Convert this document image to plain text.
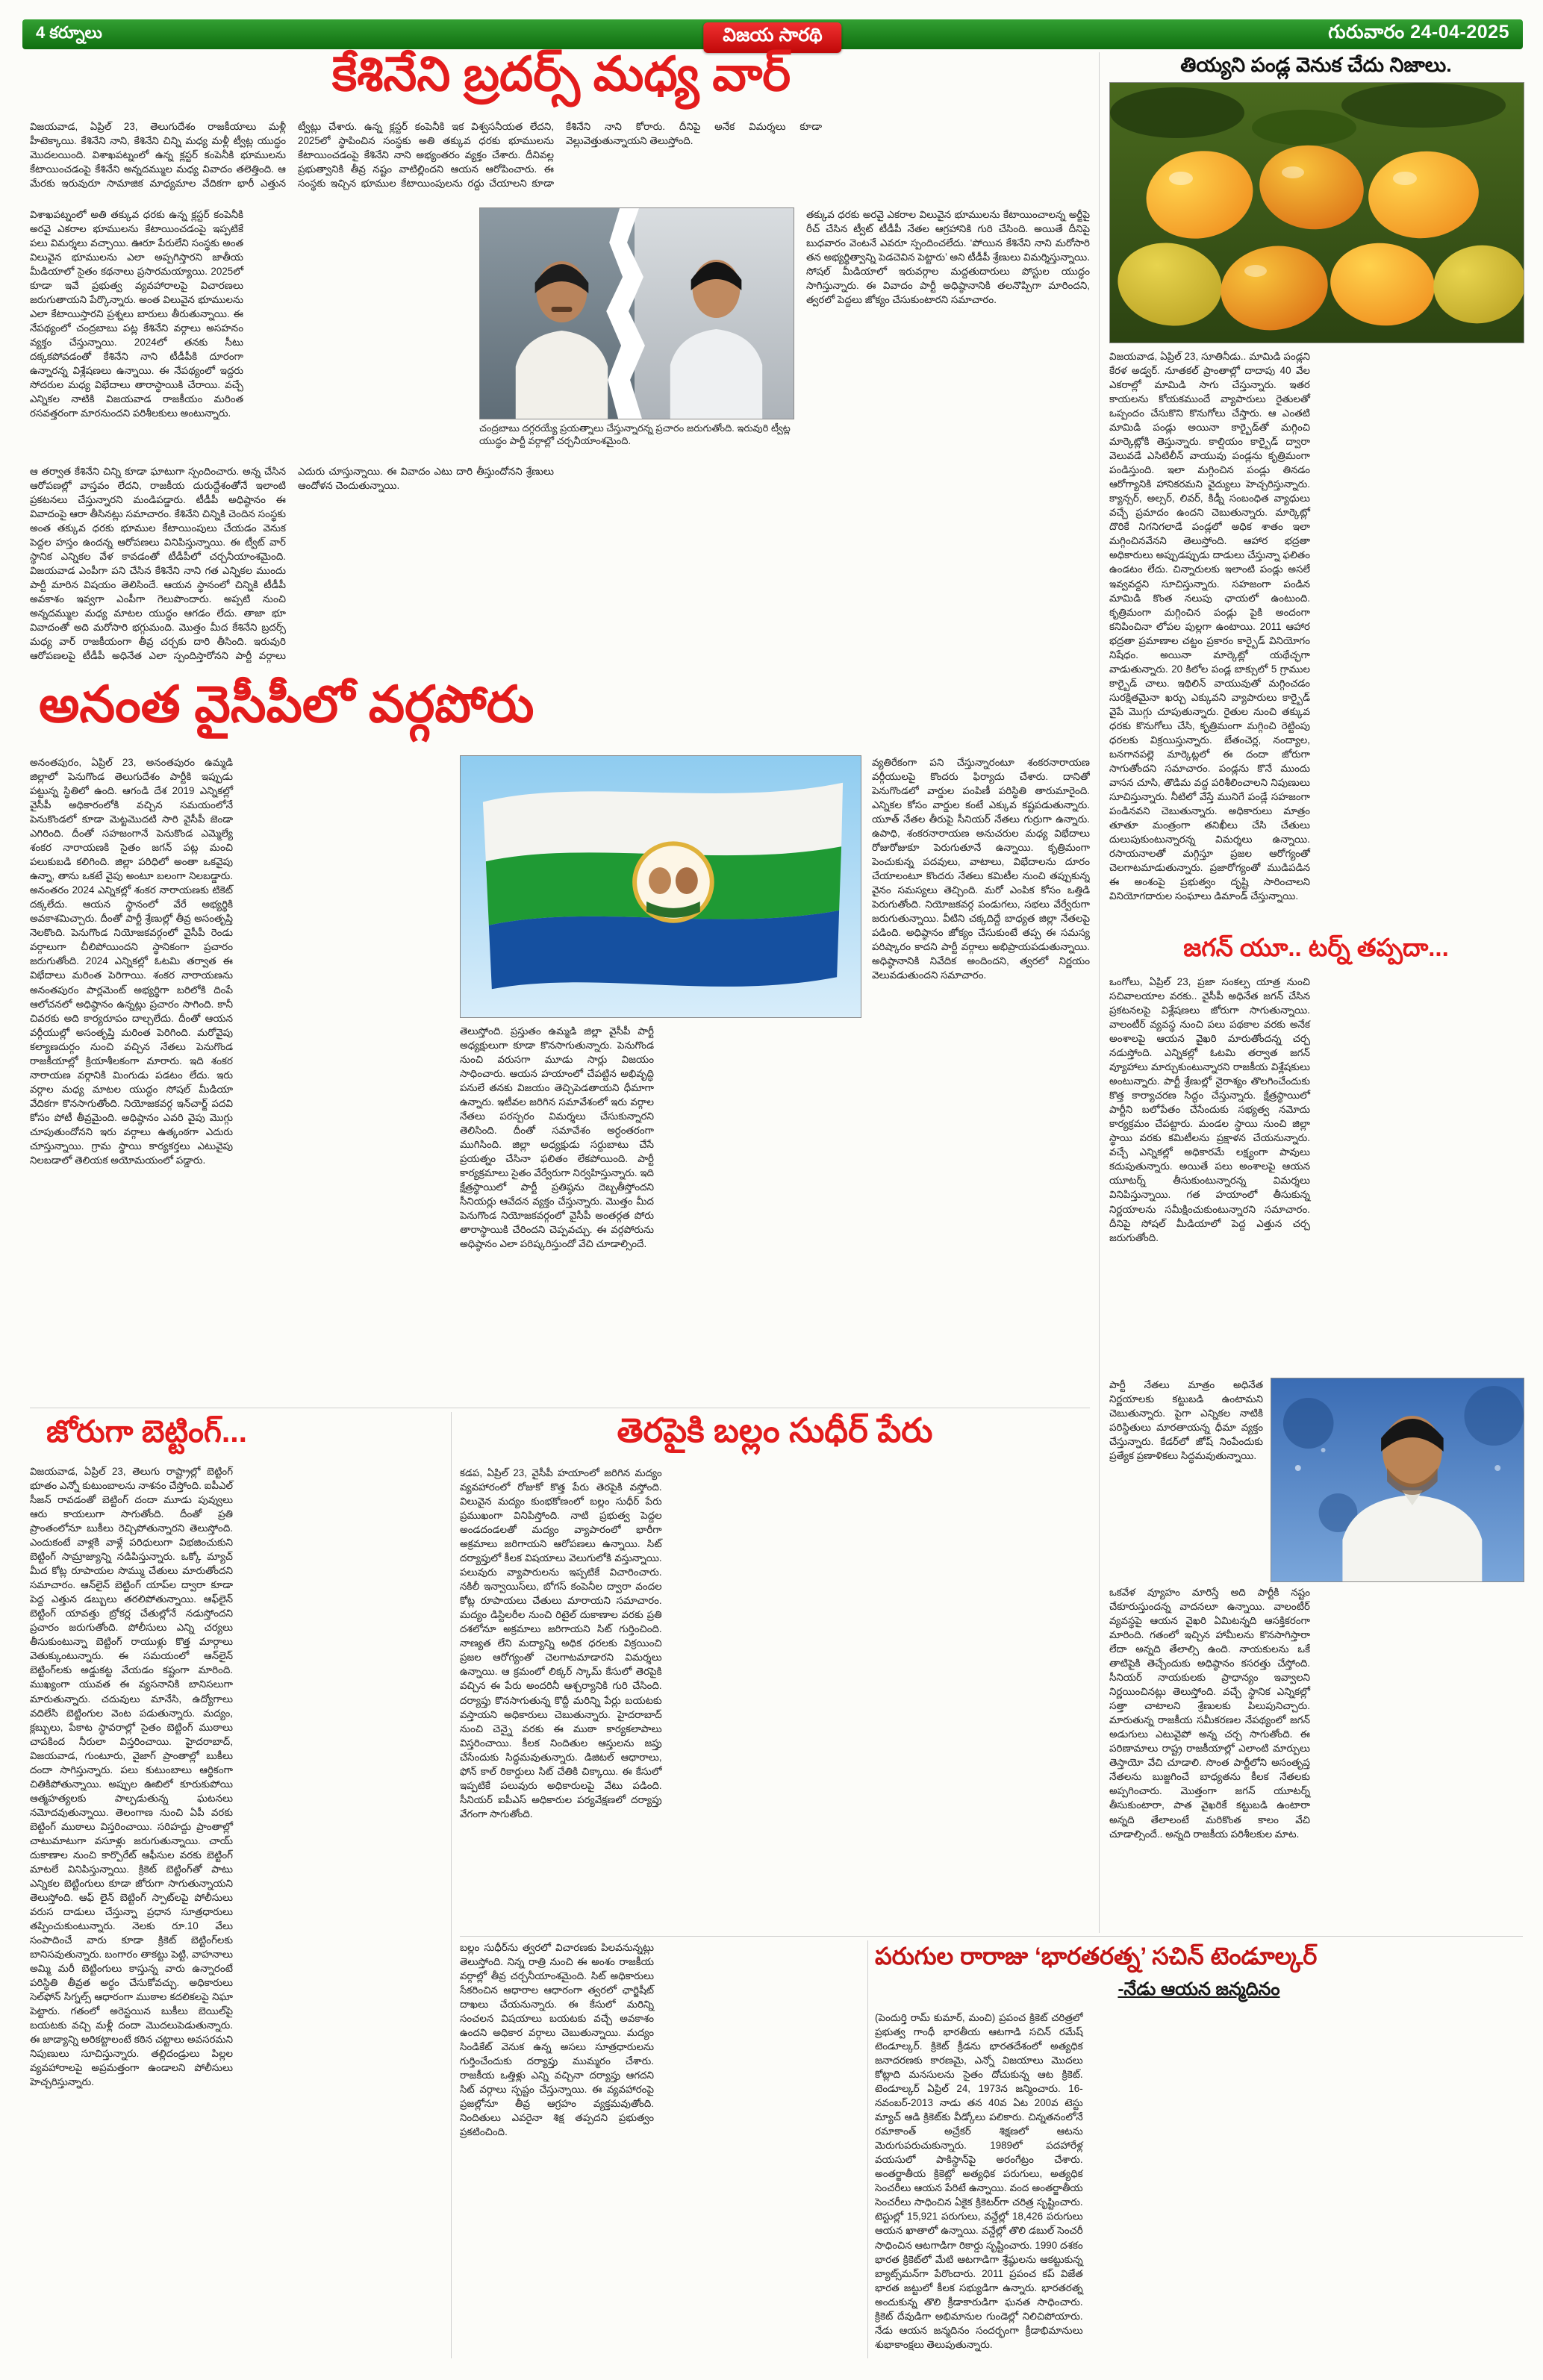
4 కర్నూలు	విజయ సారథి	గురువారం 24-04-2025
కేశినేని బ్రదర్స్ మధ్య వార్
విజయవాడ, ఏప్రిల్ 23, తెలుగుదేశం రాజకీయాలు మళ్లీ హీటెక్కాయి. కేశినేని నాని, కేశినేని చిన్ని మధ్య మళ్లీ ట్వీట్ల యుద్ధం మొదలయింది. విశాఖపట్నంలో ఉన్న క్లస్టర్ కంపెనీకి భూములను కేటాయించడంపై కేశినేని అన్నదమ్ముల మధ్య వివాదం తలెత్తింది. ఆ మేరకు ఇరువురూ సామాజిక మాధ్యమాల వేదికగా భారీ ఎత్తున ట్వీట్లు చేశారు. ఉన్న క్లస్టర్ కంపెనీకి ఇక విశ్వసనీయత లేదని, 2025లో స్థాపించిన సంస్థకు అతి తక్కువ ధరకు భూములను కేటాయించడంపై కేశినేని నాని అభ్యంతరం వ్యక్తం చేశారు. దీనివల్ల ప్రభుత్వానికి తీవ్ర నష్టం వాటిల్లిందని ఆయన ఆరోపించారు. ఈ సంస్థకు ఇచ్చిన భూముల కేటాయింపులను రద్దు చేయాలని కూడా కేశినేని నాని కోరారు. దీనిపై అనేక విమర్శలు కూడా వెల్లువెత్తుతున్నాయని తెలుస్తోంది.
విశాఖపట్నంలో అతి తక్కువ ధరకు ఉన్న క్లస్టర్ కంపెనీకి అరవై ఎకరాల భూములను కేటాయించడంపై ఇప్పటికే పలు విమర్శలు వచ్చాయి. ఊరూ పేరులేని సంస్థకు అంత విలువైన భూములను ఎలా అప్పగిస్తారని జాతీయ మీడియాలో సైతం కథనాలు ప్రసారమయ్యాయి. 2025లో కూడా ఇవే ప్రభుత్వ వ్యవహారాలపై విచారణలు జరుగుతాయని పేర్కొన్నారు. అంత విలువైన భూములను ఎలా కేటాయిస్తారని ప్రశ్నలు బారులు తీరుతున్నాయి. ఈ నేపథ్యంలో చంద్రబాబు పట్ల కేశినేని వర్గాలు అసహనం వ్యక్తం చేస్తున్నాయి. 2024లో తనకు సీటు దక్కకపోవడంతో కేశినేని నాని టీడీపీకి దూరంగా ఉన్నారన్న విశ్లేషణలు ఉన్నాయి. ఈ నేపథ్యంలో ఇద్దరు సోదరుల మధ్య విభేదాలు తారాస్థాయికి చేరాయి. వచ్చే ఎన్నికల నాటికి విజయవాడ రాజకీయం మరింత రసవత్తరంగా మారనుందని పరిశీలకులు అంటున్నారు.
చంద్రబాబు దగ్గరయ్యే ప్రయత్నాలు చేస్తున్నారన్న ప్రచారం జరుగుతోంది. ఇరువురి ట్వీట్ల యుద్ధం పార్టీ వర్గాల్లో చర్చనీయాంశమైంది.
తక్కువ ధరకు అరవై ఎకరాల విలువైన భూములను కేటాయించాలన్న అర్జీపై రీచ్ చేసిన ట్వీట్ టీడీపీ నేతల ఆగ్రహానికి గురి చేసింది. అయితే దీనిపై బుధవారం వెంటనే ఎవరూ స్పందించలేదు. ‘పోయిన కేశినేని నాని మరోసారి తన అభ్యర్థిత్వాన్ని పెడచెవిన పెట్టారు’ అని టీడీపీ శ్రేణులు విమర్శిస్తున్నాయి. సోషల్ మీడియాలో ఇరువర్గాల మద్దతుదారులు పోస్టుల యుద్ధం సాగిస్తున్నారు. ఈ వివాదం పార్టీ అధిష్ఠానానికి తలనొప్పిగా మారిందని, త్వరలో పెద్దలు జోక్యం చేసుకుంటారని సమాచారం.
ఆ తర్వాత కేశినేని చిన్ని కూడా ఘాటుగా స్పందించారు. అన్న చేసిన ఆరోపణల్లో వాస్తవం లేదని, రాజకీయ దురుద్దేశంతోనే ఇలాంటి ప్రకటనలు చేస్తున్నారని మండిపడ్డారు. టీడీపీ అధిష్ఠానం ఈ వివాదంపై ఆరా తీసినట్లు సమాచారం. కేశినేని చిన్నికి చెందిన సంస్థకు అంత తక్కువ ధరకు భూముల కేటాయింపులు చేయడం వెనుక పెద్దల హస్తం ఉందన్న ఆరోపణలు వినిపిస్తున్నాయి. ఈ ట్వీట్ వార్ స్థానిక ఎన్నికల వేళ కావడంతో టీడీపీలో చర్చనీయాంశమైంది. విజయవాడ ఎంపీగా పని చేసిన కేశినేని నాని గత ఎన్నికల ముందు పార్టీ మారిన విషయం తెలిసిందే. ఆయన స్థానంలో చిన్నికి టీడీపీ అవకాశం ఇవ్వగా ఎంపీగా గెలుపొందారు. అప్పటి నుంచి అన్నదమ్ముల మధ్య మాటల యుద్ధం ఆగడం లేదు. తాజా భూ వివాదంతో అది మరోసారి భగ్గుమంది. మొత్తం మీద కేశినేని బ్రదర్స్ మధ్య వార్ రాజకీయంగా తీవ్ర చర్చకు దారి తీసింది. ఇరువురి ఆరోపణలపై టీడీపీ అధినేత ఎలా స్పందిస్తారోనని పార్టీ వర్గాలు ఎదురు చూస్తున్నాయి. ఈ వివాదం ఎటు దారి తీస్తుందోనని శ్రేణులు ఆందోళన చెందుతున్నాయి.
అనంత వైసీపీలో వర్గపోరు
అనంతపురం, ఏప్రిల్ 23, అనంతపురం ఉమ్మడి జిల్లాలో పెనుగొండ తెలుగుదేశం పార్టీకి ఇప్పుడు పట్టున్న స్థితిలో ఉంది. ఆగండి దేశ 2019 ఎన్నికల్లో వైసీపీ అధికారంలోకి వచ్చిన సమయంలోనే పెనుకొండలో కూడా మెట్టమొదటి సారి వైసీపీ జెండా ఎగిరింది. దీంతో సహజంగానే పెనుకొండ ఎమ్మెల్యే శంకర నారాయణకి సైతం జగన్ పట్ల మంచి పలుకుబడి కలిగింది. జిల్లా పరిధిలో అంతా ఒకవైపు ఉన్నా, తాను ఒకటే వైపు అంటూ బలంగా నిలబడ్డారు. అనంతరం 2024 ఎన్నికల్లో శంకర నారాయణకు టికెట్ దక్కలేదు. ఆయన స్థానంలో వేరే అభ్యర్థికి అవకాశమిచ్చారు. దీంతో పార్టీ శ్రేణుల్లో తీవ్ర అసంతృప్తి నెలకొంది. పెనుగొండ నియోజకవర్గంలో వైసీపీ రెండు వర్గాలుగా చీలిపోయిందని స్థానికంగా ప్రచారం జరుగుతోంది. 2024 ఎన్నికల్లో ఓటమి తర్వాత ఈ విభేదాలు మరింత పెరిగాయి. శంకర నారాయణను అనంతపురం పార్లమెంట్ అభ్యర్థిగా బరిలోకి దింపే ఆలోచనలో అధిష్ఠానం ఉన్నట్లు ప్రచారం సాగింది. కానీ చివరకు అది కార్యరూపం దాల్చలేదు. దీంతో ఆయన వర్గీయుల్లో అసంతృప్తి మరింత పెరిగింది. మరోవైపు కల్యాణదుర్గం నుంచి వచ్చిన నేతలు పెనుగొండ రాజకీయాల్లో క్రియాశీలకంగా మారారు. ఇది శంకర నారాయణ వర్గానికి మింగుడు పడటం లేదు. ఇరు వర్గాల మధ్య మాటల యుద్ధం సోషల్ మీడియా వేదికగా కొనసాగుతోంది. నియోజకవర్గ ఇన్‌చార్జ్ పదవి కోసం పోటీ తీవ్రమైంది. అధిష్ఠానం ఎవరి వైపు మొగ్గు చూపుతుందోనని ఇరు వర్గాలు ఉత్కంఠగా ఎదురు చూస్తున్నాయి. గ్రామ స్థాయి కార్యకర్తలు ఎటువైపు నిలబడాలో తెలియక అయోమయంలో పడ్డారు.
తెలుస్తోంది. ప్రస్తుతం ఉమ్మడి జిల్లా వైసీపీ పార్టీ అధ్యక్షులుగా కూడా కొనసాగుతున్నారు. పెనుగొండ నుంచి వరుసగా మూడు సార్లు విజయం సాధించారు. ఆయన హయాంలో చేపట్టిన అభివృద్ధి పనులే తనకు విజయం తెచ్చిపెడతాయని ధీమాగా ఉన్నారు. ఇటీవల జరిగిన సమావేశంలో ఇరు వర్గాల నేతలు పరస్పరం విమర్శలు చేసుకున్నారని తెలిసింది. దీంతో సమావేశం అర్ధంతరంగా ముగిసింది. జిల్లా అధ్యక్షుడు సర్దుబాటు చేసే ప్రయత్నం చేసినా ఫలితం లేకపోయింది. పార్టీ కార్యక్రమాలు సైతం వేర్వేరుగా నిర్వహిస్తున్నారు. ఇది క్షేత్రస్థాయిలో పార్టీ ప్రతిష్ఠను దెబ్బతీస్తోందని సీనియర్లు ఆవేదన వ్యక్తం చేస్తున్నారు. మొత్తం మీద పెనుగొండ నియోజకవర్గంలో వైసీపీ అంతర్గత పోరు తారాస్థాయికి చేరిందని చెప్పవచ్చు. ఈ వర్గపోరును అధిష్ఠానం ఎలా పరిష్కరిస్తుందో వేచి చూడాల్సిందే.
వ్యతిరేకంగా పని చేస్తున్నారంటూ శంకరనారాయణ వర్గీయులపై కొందరు ఫిర్యాదు చేశారు. దానితో పెనుగొండలో వార్డుల పంపిణీ పరిస్థితి తారుమారైంది. ఎన్నికల కోసం వార్డుల కంటే ఎక్కువ కష్టపడుతున్నారు. యూత్ నేతల తీరుపై సీనియర్ నేతలు గుర్రుగా ఉన్నారు. ఉపాధి, శంకరనారాయణ అనుచరుల మధ్య విభేదాలు రోజురోజుకూ పెరుగుతూనే ఉన్నాయి. కృత్రిమంగా పెంచుకున్న పదవులు, వాటాలు, విభేదాలను దూరం చేయాలంటూ కొందరు నేతలు కమిటీల నుంచి తప్పుకున్న వైనం సమస్యలు తెచ్చింది. మరో ఎంపిక కోసం ఒత్తిడి పెరుగుతోంది. నియోజకవర్గ పండుగలు, సభలు వేర్వేరుగా జరుగుతున్నాయి. వీటిని చక్కదిద్దే బాధ్యత జిల్లా నేతలపై పడింది. అధిష్ఠానం జోక్యం చేసుకుంటే తప్ప ఈ సమస్య పరిష్కారం కాదని పార్టీ వర్గాలు అభిప్రాయపడుతున్నాయి. అధిష్ఠానానికి నివేదిక అందిందని, త్వరలో నిర్ణయం వెలువడుతుందని సమాచారం.
జోరుగా బెట్టింగ్...
విజయవాడ, ఏప్రిల్ 23, తెలుగు రాష్ట్రాల్లో బెట్టింగ్ భూతం ఎన్నో కుటుంబాలను నాశనం చేస్తోంది. ఐపీఎల్ సీజన్ రావడంతో బెట్టింగ్ దందా మూడు పువ్వులు ఆరు కాయలుగా సాగుతోంది. దీంతో ప్రతి ప్రాంతంలోనూ బుకీలు రెచ్చిపోతున్నారని తెలుస్తోంది. ఎందుకంటే వాళ్లకి వాళ్లే పరిధులుగా విభజించుకుని బెట్టింగ్ సామ్రాజ్యాన్ని నడిపిస్తున్నారు. ఒక్కో మ్యాచ్ మీద కోట్ల రూపాయల సొమ్ము చేతులు మారుతోందని సమాచారం. ఆన్‌లైన్ బెట్టింగ్ యాప్‌ల ద్వారా కూడా పెద్ద ఎత్తున డబ్బులు తరలిపోతున్నాయి. ఆఫ్‌లైన్ బెట్టింగ్ యావత్తు బ్రోకర్ల చేతుల్లోనే నడుస్తోందని ప్రచారం జరుగుతోంది. పోలీసులు ఎన్ని చర్యలు తీసుకుంటున్నా బెట్టింగ్ రాయుళ్లు కొత్త మార్గాలు వెతుక్కుంటున్నారు. ఈ సమయంలో ఆన్‌లైన్ బెట్టింగ్‌లకు అడ్డుకట్ట వేయడం కష్టంగా మారింది. ముఖ్యంగా యువత ఈ వ్యసనానికి బానిసలుగా మారుతున్నారు. చదువులు మానేసి, ఉద్యోగాలు వదిలేసి బెట్టింగుల వెంట పడుతున్నారు. మద్యం, క్లబ్బులు, పేకాట స్థావరాల్లో సైతం బెట్టింగ్ ముఠాలు చాపకింద నీరులా విస్తరించాయి. హైదరాబాద్, విజయవాడ, గుంటూరు, వైజాగ్ ప్రాంతాల్లో బుకీలు దందా సాగిస్తున్నారు. పలు కుటుంబాలు ఆర్థికంగా చితికిపోతున్నాయి. అప్పుల ఊబిలో కూరుకుపోయి ఆత్మహత్యలకు పాల్పడుతున్న ఘటనలు నమోదవుతున్నాయి. తెలంగాణ నుంచి ఏపీ వరకు బెట్టింగ్ ముఠాలు విస్తరించాయి. సరిహద్దు ప్రాంతాల్లో చాటుమాటుగా వసూళ్లు జరుగుతున్నాయి. చాయ్ దుకాణాల నుంచి కార్పొరేట్ ఆఫీసుల వరకు బెట్టింగ్ మాటలే వినిపిస్తున్నాయి. క్రికెట్ బెట్టింగ్‌తో పాటు ఎన్నికల బెట్టింగులు కూడా జోరుగా సాగుతున్నాయని తెలుస్తోంది. ఆఫ్ లైన్ బెట్టింగ్ స్పాట్‌లపై పోలీసులు వరుస దాడులు చేస్తున్నా ప్రధాన సూత్రధారులు తప్పించుకుంటున్నారు. నెలకు రూ.10 వేలు సంపాదించే వారు కూడా క్రికెట్ బెట్టింగ్‌లకు బానిసవుతున్నారు. బంగారం తాకట్టు పెట్టి, వాహనాలు అమ్మి మరీ బెట్టింగులు కాస్తున్న వారు ఉన్నారంటే పరిస్థితి తీవ్రత అర్థం చేసుకోవచ్చు. అధికారులు సెల్‌ఫోన్ సిగ్నల్స్ ఆధారంగా ముఠాల కదలికలపై నిఘా పెట్టారు. గతంలో అరెస్టయిన బుకీలు బెయిల్‌పై బయటకు వచ్చి మళ్లీ దందా మొదలుపెడుతున్నారు. ఈ జాడ్యాన్ని అరికట్టాలంటే కఠిన చట్టాలు అవసరమని నిపుణులు సూచిస్తున్నారు. తల్లిదండ్రులు పిల్లల వ్యవహారాలపై అప్రమత్తంగా ఉండాలని పోలీసులు హెచ్చరిస్తున్నారు.
తెరపైకి బల్లం సుధీర్ పేరు
కడప, ఏప్రిల్ 23, వైసీపీ హయాంలో జరిగిన మద్యం వ్యవహారంలో రోజుకో కొత్త పేరు తెరపైకి వస్తోంది. విలువైన మద్యం కుంభకోణంలో బల్లం సుధీర్ పేరు ప్రముఖంగా వినిపిస్తోంది. నాటి ప్రభుత్వ పెద్దల అండదండలతో మద్యం వ్యాపారంలో భారీగా అక్రమాలు జరిగాయని ఆరోపణలు ఉన్నాయి. సిట్ దర్యాప్తులో కీలక విషయాలు వెలుగులోకి వస్తున్నాయి. పలువురు వ్యాపారులను ఇప్పటికే విచారించారు. నకిలీ ఇన్వాయిస్‌లు, బోగస్ కంపెనీల ద్వారా వందల కోట్ల రూపాయలు చేతులు మారాయని సమాచారం. మద్యం డిస్టిలరీల నుంచి రిటైల్ దుకాణాల వరకు ప్రతి దశలోనూ అక్రమాలు జరిగాయని సిట్ గుర్తించింది. నాణ్యత లేని మద్యాన్ని అధిక ధరలకు విక్రయించి ప్రజల ఆరోగ్యంతో చెలగాటమాడారని విమర్శలు ఉన్నాయి. ఆ క్రమంలో లిక్కర్ స్కామ్ కేసులో తెరపైకి వచ్చిన ఈ పేరు అందరినీ ఆశ్చర్యానికి గురి చేసింది. దర్యాప్తు కొనసాగుతున్న కొద్దీ మరిన్ని పేర్లు బయటకు వస్తాయని అధికారులు చెబుతున్నారు. హైదరాబాద్ నుంచి చెన్నై వరకు ఈ ముఠా కార్యకలాపాలు విస్తరించాయి. కీలక నిందితుల ఆస్తులను జప్తు చేసేందుకు సిద్ధమవుతున్నారు. డిజిటల్ ఆధారాలు, ఫోన్ కాల్ రికార్డులు సిట్ చేతికి చిక్కాయి. ఈ కేసులో ఇప్పటికే పలువురు అధికారులపై వేటు పడింది. సీనియర్ ఐపీఎస్ అధికారుల పర్యవేక్షణలో దర్యాప్తు వేగంగా సాగుతోంది.
బల్లం సుధీర్‌ను త్వరలో విచారణకు పిలవనున్నట్లు తెలుస్తోంది. నిన్న రాత్రి నుంచి ఈ అంశం రాజకీయ వర్గాల్లో తీవ్ర చర్చనీయాంశమైంది. సిట్ అధికారులు సేకరించిన ఆధారాల ఆధారంగా త్వరలో ఛార్జిషీట్ దాఖలు చేయనున్నారు. ఈ కేసులో మరిన్ని సంచలన విషయాలు బయటకు వచ్చే అవకాశం ఉందని అధికార వర్గాలు చెబుతున్నాయి. మద్యం సిండికేట్ వెనుక ఉన్న అసలు సూత్రధారులను గుర్తించేందుకు దర్యాప్తు ముమ్మరం చేశారు. రాజకీయ ఒత్తిళ్లు ఎన్ని వచ్చినా దర్యాప్తు ఆగదని సిట్ వర్గాలు స్పష్టం చేస్తున్నాయి. ఈ వ్యవహారంపై ప్రజల్లోనూ తీవ్ర ఆగ్రహం వ్యక్తమవుతోంది. నిందితులు ఎవరైనా శిక్ష తప్పదని ప్రభుత్వం ప్రకటించింది.
తియ్యని పండ్ల వెనుక చేదు నిజాలు.
విజయవాడ, ఏప్రిల్ 23, సూతినీడు.. మామిడి పండ్లని కేరళ అడ్వర్. నూతకల్ ప్రాంతాల్లో దాదాపు 40 వేల ఎకరాల్లో మామిడి సాగు చేస్తున్నారు. ఇతర కాయలను కోయకముందే వ్యాపారులు రైతులతో ఒప్పందం చేసుకొని కొనుగోలు చేస్తారు. ఆ ఎంతటి మామిడి పండ్లు అయినా కార్బైడ్‌తో మగ్గించి మార్కెట్లోకి తెస్తున్నారు. కాల్షియం కార్బైడ్ ద్వారా వెలువడే ఎసిటిలీన్ వాయువు పండ్లను కృత్రిమంగా పండిస్తుంది. ఇలా మగ్గించిన పండ్లు తినడం ఆరోగ్యానికి హానికరమని వైద్యులు హెచ్చరిస్తున్నారు. క్యాన్సర్, అల్సర్, లివర్, కిడ్నీ సంబంధిత వ్యాధులు వచ్చే ప్రమాదం ఉందని చెబుతున్నారు. మార్కెట్లో దొరికే నిగనిగలాడే పండ్లలో అధిక శాతం ఇలా మగ్గించినవేనని తెలుస్తోంది. ఆహార భద్రతా అధికారులు అప్పుడప్పుడు దాడులు చేస్తున్నా ఫలితం ఉండటం లేదు. చిన్నారులకు ఇలాంటి పండ్లు అసలే ఇవ్వవద్దని సూచిస్తున్నారు. సహజంగా పండిన మామిడి కొంత నలుపు ఛాయలో ఉంటుంది. కృత్రిమంగా మగ్గించిన పండ్లు పైకి అందంగా కనిపించినా లోపల పుల్లగా ఉంటాయి. 2011 ఆహార భద్రతా ప్రమాణాల చట్టం ప్రకారం కార్బైడ్ వినియోగం నిషేధం. అయినా మార్కెట్లో యథేచ్ఛగా వాడుతున్నారు. 20 కిలోల పండ్ల బాక్సులో 5 గ్రాముల కార్బైడ్ చాలు. ఇథిలిన్ వాయువుతో మగ్గించడం సురక్షితమైనా ఖర్చు ఎక్కువని వ్యాపారులు కార్బైడ్ వైపే మొగ్గు చూపుతున్నారు. రైతుల నుంచి తక్కువ ధరకు కొనుగోలు చేసి, కృత్రిమంగా మగ్గించి రెట్టింపు ధరలకు విక్రయిస్తున్నారు. బేతంచెర్ల, నంద్యాల, బనగానపల్లె మార్కెట్లలో ఈ దందా జోరుగా సాగుతోందని సమాచారం. పండ్లను కొనే ముందు వాసన చూసి, తొడిమ వద్ద పరిశీలించాలని నిపుణులు సూచిస్తున్నారు. నీటిలో వేస్తే మునిగే పండ్లే సహజంగా పండినవని చెబుతున్నారు. అధికారులు మాత్రం తూతూ మంత్రంగా తనిఖీలు చేసి చేతులు దులుపుకుంటున్నారన్న విమర్శలు ఉన్నాయి. రసాయనాలతో మగ్గిస్తూ ప్రజల ఆరోగ్యంతో చెలగాటమాడుతున్నారు. ప్రజారోగ్యంతో ముడిపడిన ఈ అంశంపై ప్రభుత్వం దృష్టి సారించాలని వినియోగదారుల సంఘాలు డిమాండ్ చేస్తున్నాయి.
జగన్ యూ.. టర్న్ తప్పదా...
ఒంగోలు, ఏప్రిల్ 23, ప్రజా సంకల్ప యాత్ర నుంచి సచివాలయాల వరకు.. వైసీపీ అధినేత జగన్ చేసిన ప్రకటనలపై విశ్లేషణలు జోరుగా సాగుతున్నాయి. వాలంటీర్ వ్యవస్థ నుంచి పలు పథకాల వరకు అనేక అంశాలపై ఆయన వైఖరి మారుతోందన్న చర్చ నడుస్తోంది. ఎన్నికల్లో ఓటమి తర్వాత జగన్ వ్యూహాలు మార్చుకుంటున్నారని రాజకీయ విశ్లేషకులు అంటున్నారు. పార్టీ శ్రేణుల్లో నైరాశ్యం తొలగించేందుకు కొత్త కార్యాచరణ సిద్ధం చేస్తున్నారు. క్షేత్రస్థాయిలో పార్టీని బలోపేతం చేసేందుకు సభ్యత్వ నమోదు కార్యక్రమం చేపట్టారు. మండల స్థాయి నుంచి జిల్లా స్థాయి వరకు కమిటీలను ప్రక్షాళన చేయనున్నారు. వచ్చే ఎన్నికల్లో అధికారమే లక్ష్యంగా పావులు కదుపుతున్నారు. అయితే పలు అంశాలపై ఆయన యూటర్న్ తీసుకుంటున్నారన్న విమర్శలు వినిపిస్తున్నాయి. గత హయాంలో తీసుకున్న నిర్ణయాలను సమీక్షించుకుంటున్నారని సమాచారం. దీనిపై సోషల్ మీడియాలో పెద్ద ఎత్తున చర్చ జరుగుతోంది.
పార్టీ నేతలు మాత్రం అధినేత నిర్ణయాలకు కట్టుబడి ఉంటామని చెబుతున్నారు. పైగా ఎన్నికల నాటికి పరిస్థితులు మారతాయన్న ధీమా వ్యక్తం చేస్తున్నారు. కేడర్‌లో జోష్ నింపేందుకు ప్రత్యేక ప్రణాళికలు సిద్ధమవుతున్నాయి.
ఒకవేళ వ్యూహం మారిస్తే అది పార్టీకి నష్టం చేకూరుస్తుందన్న వాదనలూ ఉన్నాయి. వాలంటీర్ వ్యవస్థపై ఆయన వైఖరి ఏమిటన్నది ఆసక్తికరంగా మారింది. గతంలో ఇచ్చిన హామీలను కొనసాగిస్తారా లేదా అన్నది తేలాల్సి ఉంది. నాయకులను ఒకే తాటిపైకి తెచ్చేందుకు అధిష్ఠానం కసరత్తు చేస్తోంది. సీనియర్ నాయకులకు ప్రాధాన్యం ఇవ్వాలని నిర్ణయించినట్లు తెలుస్తోంది. వచ్చే స్థానిక ఎన్నికల్లో సత్తా చాటాలని శ్రేణులకు పిలుపునిచ్చారు. మారుతున్న రాజకీయ సమీకరణల నేపథ్యంలో జగన్ అడుగులు ఎటువైపో అన్న చర్చ సాగుతోంది. ఈ పరిణామాలు రాష్ట్ర రాజకీయాల్లో ఎలాంటి మార్పులు తెస్తాయో వేచి చూడాలి. సొంత పార్టీలోని అసంతృప్త నేతలను బుజ్జగించే బాధ్యతను కీలక నేతలకు అప్పగించారు. మొత్తంగా జగన్ యూటర్న్ తీసుకుంటారా, పాత వైఖరికే కట్టుబడి ఉంటారా అన్నది తేలాలంటే మరికొంత కాలం వేచి చూడాల్సిందే.. అన్నది రాజకీయ పరిశీలకుల మాట.
పరుగుల రారాజు ‘భారతరత్న’ సచిన్ టెండూల్కర్
-నేడు ఆయన జన్మదినం
(పెందుర్తి రామ్ కుమార్, మంచి) ప్రపంచ క్రికెట్ చరిత్రలో ప్రభుత్వ గాంధీ భారతీయ ఆటగాడి సచిన్ రమేష్ టెండూల్కర్. క్రికెట్ క్రీడను భారతదేశంలో అత్యధిక జనాదరణకు కారణమై, ఎన్నో విజయాలు మొదలు కోట్లాది మనసులను సైతం దోచుకున్న ఆట క్రికెట్. టెండూల్కర్ ఏప్రిల్ 24, 1973న జన్మించారు. 16-నవంబర్-2013 నాడు తన 40వ ఏట 200వ టెస్టు మ్యాచ్ ఆడి క్రికెట్‌కు వీడ్కోలు పలికారు. చిన్నతనంలోనే రమాకాంత్ అచ్రేకర్ శిక్షణలో ఆటను మెరుగుపరుచుకున్నారు. 1989లో పదహారేళ్ల వయసులో పాకిస్థాన్‌పై అరంగేట్రం చేశారు. అంతర్జాతీయ క్రికెట్లో అత్యధిక పరుగులు, అత్యధిక సెంచరీలు ఆయన పేరిటే ఉన్నాయి. వంద అంతర్జాతీయ సెంచరీలు సాధించిన ఏకైక క్రికెటర్‌గా చరిత్ర సృష్టించారు. టెస్టుల్లో 15,921 పరుగులు, వన్డేల్లో 18,426 పరుగులు ఆయన ఖాతాలో ఉన్నాయి. వన్డేల్లో తొలి డబుల్ సెంచరీ సాధించిన ఆటగాడిగా రికార్డు సృష్టించారు. 1990 దశకం భారత క్రికెట్‌లో మేటి ఆటగాడిగా శ్రేష్ఠులను ఆకట్టుకున్న బ్యాట్స్‌మన్‌గా పేరొందారు. 2011 ప్రపంచ కప్ విజేత భారత జట్టులో కీలక సభ్యుడిగా ఉన్నారు. భారతరత్న అందుకున్న తొలి క్రీడాకారుడిగా ఘనత సాధించారు. క్రికెట్ దేవుడిగా అభిమానుల గుండెల్లో నిలిచిపోయారు. నేడు ఆయన జన్మదినం సందర్భంగా క్రీడాభిమానులు శుభాకాంక్షలు తెలుపుతున్నారు.
